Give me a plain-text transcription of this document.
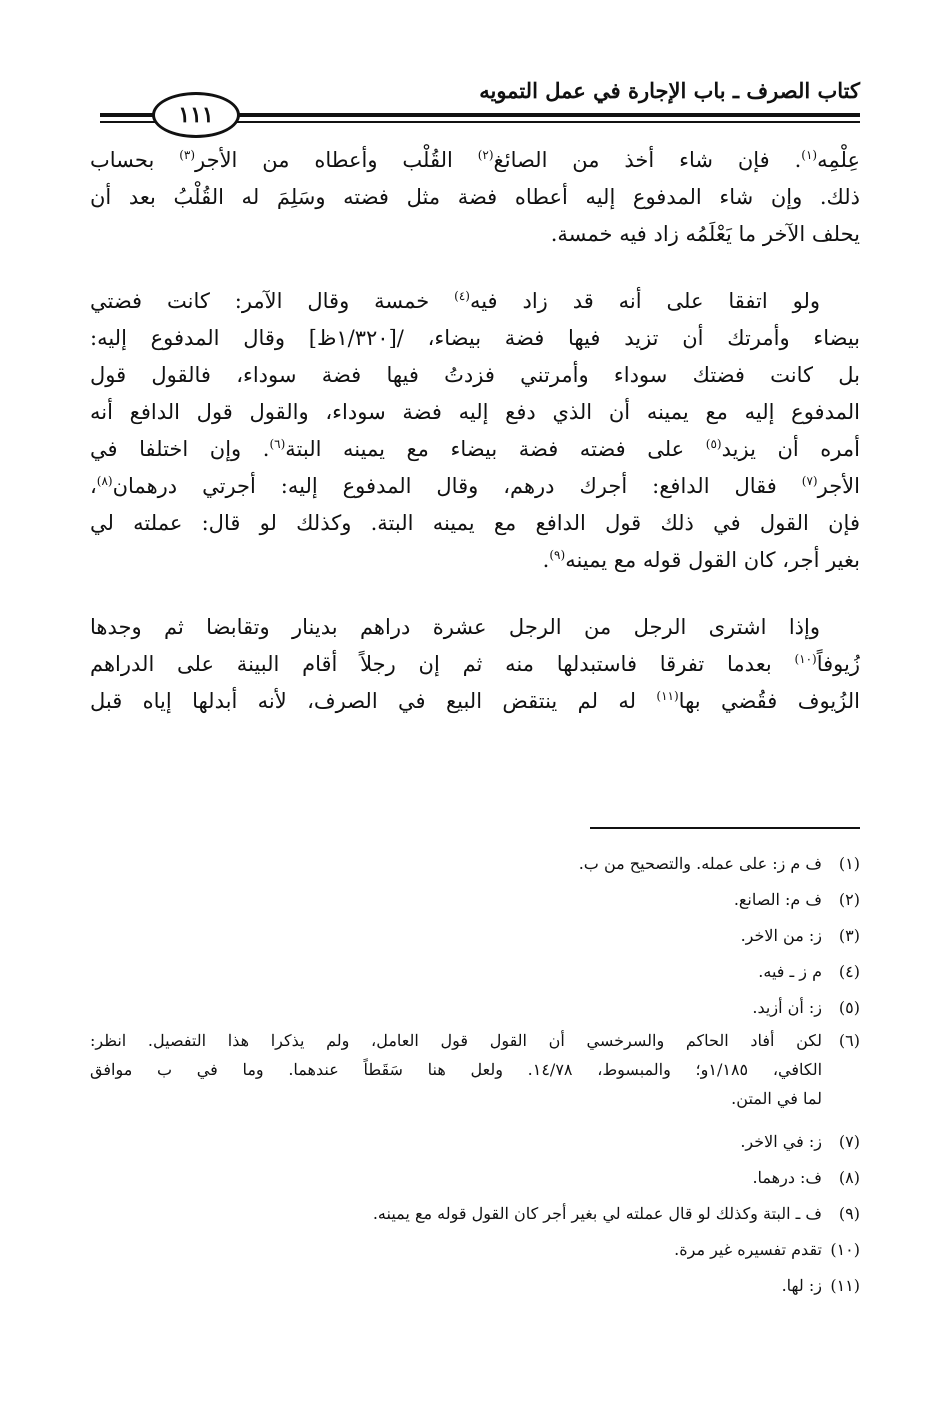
كتاب الصرف ـ باب الإجارة في عمل التمويه
١١١
عِلْمِه$^{(١)}$. فإن شاء أخذ من الصائغ$^{(٢)}$ القُلْب وأعطاه من الأجر$^{(٣)}$ بحساب
ذلك. وإن شاء المدفوع إليه أعطاه فضة مثل فضته وسَلِمَ له القُلْبُ بعد أن
يحلف الآخر ما يَعْلَمُه زاد فيه خمسة.
ولو اتفقا على أنه قد زاد فيه$^{(٤)}$ خمسة وقال الآمر: كانت فضتي
بيضاء وأمرتك أن تزيد فيها فضة بيضاء، /[١/٣٢٠ظ] وقال المدفوع إليه:
بل كانت فضتك سوداء وأمرتني فزدتُ فيها فضة سوداء، فالقول قول
المدفوع إليه مع يمينه أن الذي دفع إليه فضة سوداء، والقول قول الدافع أنه
أمره أن يزيد$^{(٥)}$ على فضته فضة بيضاء مع يمينه البتة$^{(٦)}$. وإن اختلفا في
الأجر$^{(٧)}$ فقال الدافع: أجرك درهم، وقال المدفوع إليه: أجرتي درهمان$^{(٨)}$،
فإن القول في ذلك قول الدافع مع يمينه البتة. وكذلك لو قال: عملته لي
بغير أجر، كان القول قوله مع يمينه$^{(٩)}$.
وإذا اشترى الرجل من الرجل عشرة دراهم بدينار وتقابضا ثم وجدها
زُيوفاً$^{(١٠)}$ بعدما تفرقا فاستبدلها منه ثم إن رجلاً أقام البينة على الدراهم
الزُيوف فقُضي بها$^{(١١)}$ له لم ينتقض البيع في الصرف، لأنه أبدلها إياه قبل
(١)
ف م ز: على عمله. والتصحيح من ب.
(٢)
ف م: الصانع.
(٣)
ز: من الاخر.
(٤)
م ز ـ فيه.
(٥)
ز: أن أزيد.
(٦)
لكن أفاد الحاكم والسرخسي أن القول قول العامل، ولم يذكرا هذا التفصيل. انظر:
الكافي، ١/١٨٥و؛ والمبسوط، ١٤/٧٨. ولعل هنا سَقَطاً عندهما. وما في ب موافق
لما في المتن.
(٧)
ز: في الاخر.
(٨)
ف: درهما.
(٩)
ف ـ البتة وكذلك لو قال عملته لي بغير أجر كان القول قوله مع يمينه.
(١٠)
تقدم تفسيره غير مرة.
(١١)
ز: لها.
